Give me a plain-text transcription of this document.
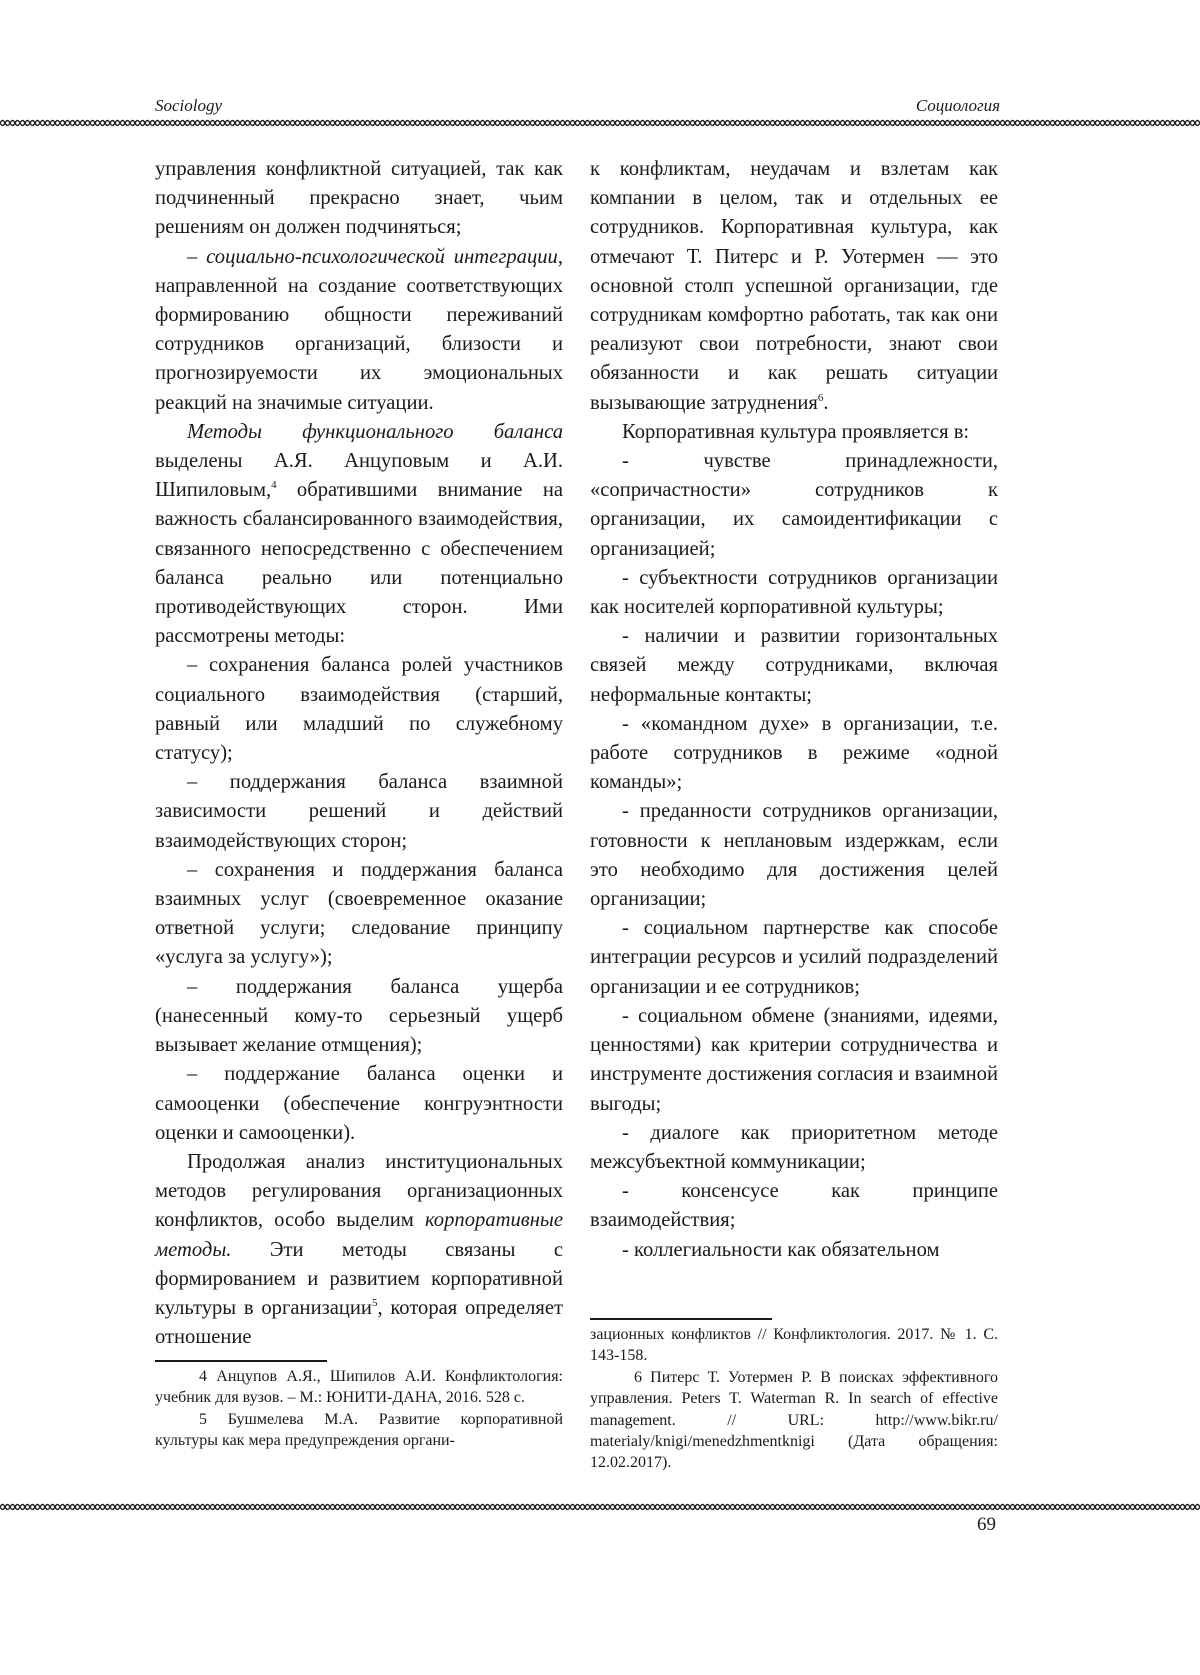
Sociology	Социология

управления конфликтной ситуацией, так как подчиненный прекрасно знает, чьим решениям он должен подчиняться;

– социально-психологической интеграции, направленной на создание соответствующих формированию общности переживаний сотрудников организаций, близости и прогнозируемости их эмоциональных реакций на значимые ситуации.

Методы функционального баланса выделены А.Я. Анцуповым и А.И. Шипиловым,$^4$ обратившими внимание на важность сбалансированного взаимодействия, связанного непосредственно с обеспечением баланса реально или потенциально противодействующих сторон. Ими рассмотрены методы:

– сохранения баланса ролей участников социального взаимодействия (старший, равный или младший по служебному статусу);

– поддержания баланса взаимной зависимости решений и действий взаимодействующих сторон;

– сохранения и поддержания баланса взаимных услуг (своевременное оказание ответной услуги; следование принципу «услуга за услугу»);

– поддержания баланса ущерба (нанесенный кому-то серьезный ущерб вызывает желание отмщения);

– поддержание баланса оценки и самооценки (обеспечение конгруэнтности оценки и самооценки).

Продолжая анализ институциональных методов регулирования организационных конфликтов, особо выделим корпоративные методы. Эти методы связаны с формированием и развитием корпоративной культуры в организации$^5$, которая определяет отношение

к конфликтам, неудачам и взлетам как компании в целом, так и отдельных ее сотрудников. Корпоративная культура, как отмечают Т. Питерс и Р. Уотермен — это основной столп успешной организации, где сотрудникам комфортно работать, так как они реализуют свои потребности, знают свои обязанности и как решать ситуации вызывающие затруднения$^6$.

Корпоративная культура проявляется в:

- чувстве принадлежности, «сопричастности» сотрудников к организации, их самоидентификации с организацией;

- субъектности сотрудников организации как носителей корпоративной культуры;

- наличии и развитии горизонтальных связей между сотрудниками, включая неформальные контакты;

- «командном духе» в организации, т.е. работе сотрудников в режиме «одной команды»;

- преданности сотрудников организации, готовности к неплановым издержкам, если это необходимо для достижения целей организации;

- социальном партнерстве как способе интеграции ресурсов и усилий подразделений организации и ее сотрудников;

- социальном обмене (знаниями, идеями, ценностями) как критерии сотрудничества и инструменте достижения согласия и взаимной выгоды;

- диалоге как приоритетном методе межсубъектной коммуникации;

- консенсусе как принципе взаимодействия;

- коллегиальности как обязательном

4 Анцупов А.Я., Шипилов А.И. Конфликтология: учебник для вузов. – М.: ЮНИТИ-ДАНА, 2016. 528 с.

5 Бушмелева М.А. Развитие корпоративной культуры как мера предупреждения органи-

зационных конфликтов // Конфликтология. 2017. № 1. С. 143-158.

6 Питерс Т. Уотермен Р. В поисках эффективного управления. Peters T. Waterman R. In search of effective management. // URL: http://www.bikr.ru/ materialy/knigi/menedzhmentknigi (Дата обращения: 12.02.2017).

69
